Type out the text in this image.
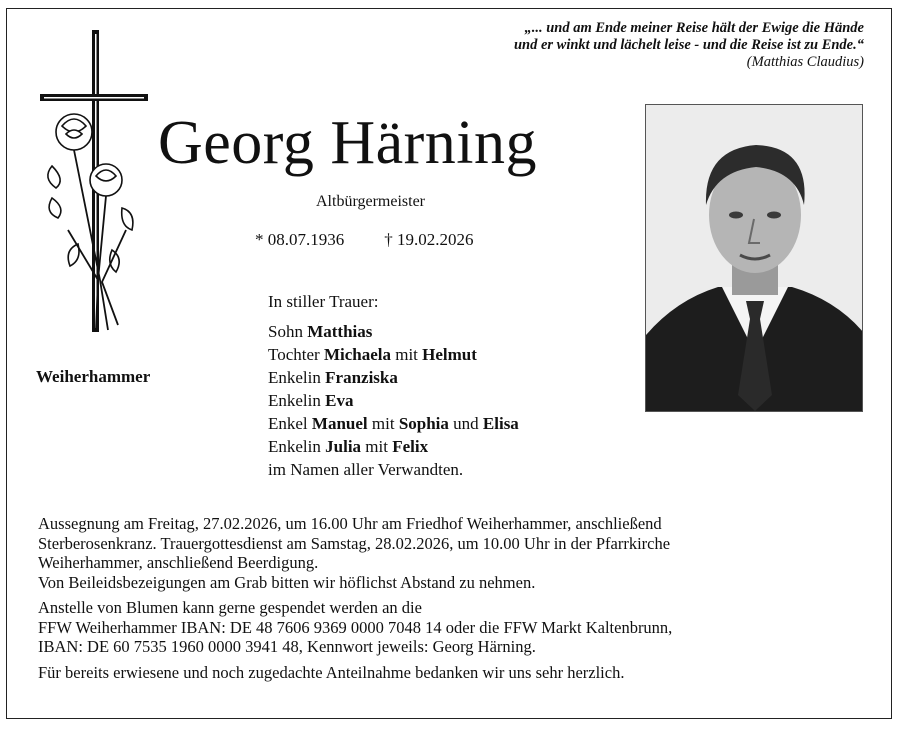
„... und am Ende meiner Reise hält der Ewige die Hände
und er winkt und lächelt leise - und die Reise ist zu Ende.“
(Matthias Claudius)
Georg Härning
Altbürgermeister
* 08.07.1936 † 19.02.2026
Weiherhammer
In stiller Trauer:
Sohn Matthias
Tochter Michaela mit Helmut
Enkelin Franziska
Enkelin Eva
Enkel Manuel mit Sophia und Elisa
Enkelin Julia mit Felix
im Namen aller Verwandten.

Aussegnung am Freitag, 27.02.2026, um 16.00 Uhr am Friedhof Weiherhammer, anschließend

Sterberosenkranz. Trauergottesdienst am Samstag, 28.02.2026, um 10.00 Uhr in der Pfarrkirche

Weiherhammer, anschließend Beerdigung.

Von Beileidsbezeigungen am Grab bitten wir höflichst Abstand zu nehmen.

Anstelle von Blumen kann gerne gespendet werden an die

FFW Weiherhammer IBAN: DE 48 7606 9369 0000 7048 14 oder die FFW Markt Kaltenbrunn,

IBAN: DE 60 7535 1960 0000 3941 48, Kennwort jeweils: Georg Härning.

Für bereits erwiesene und noch zugedachte Anteilnahme bedanken wir uns sehr herzlich.
